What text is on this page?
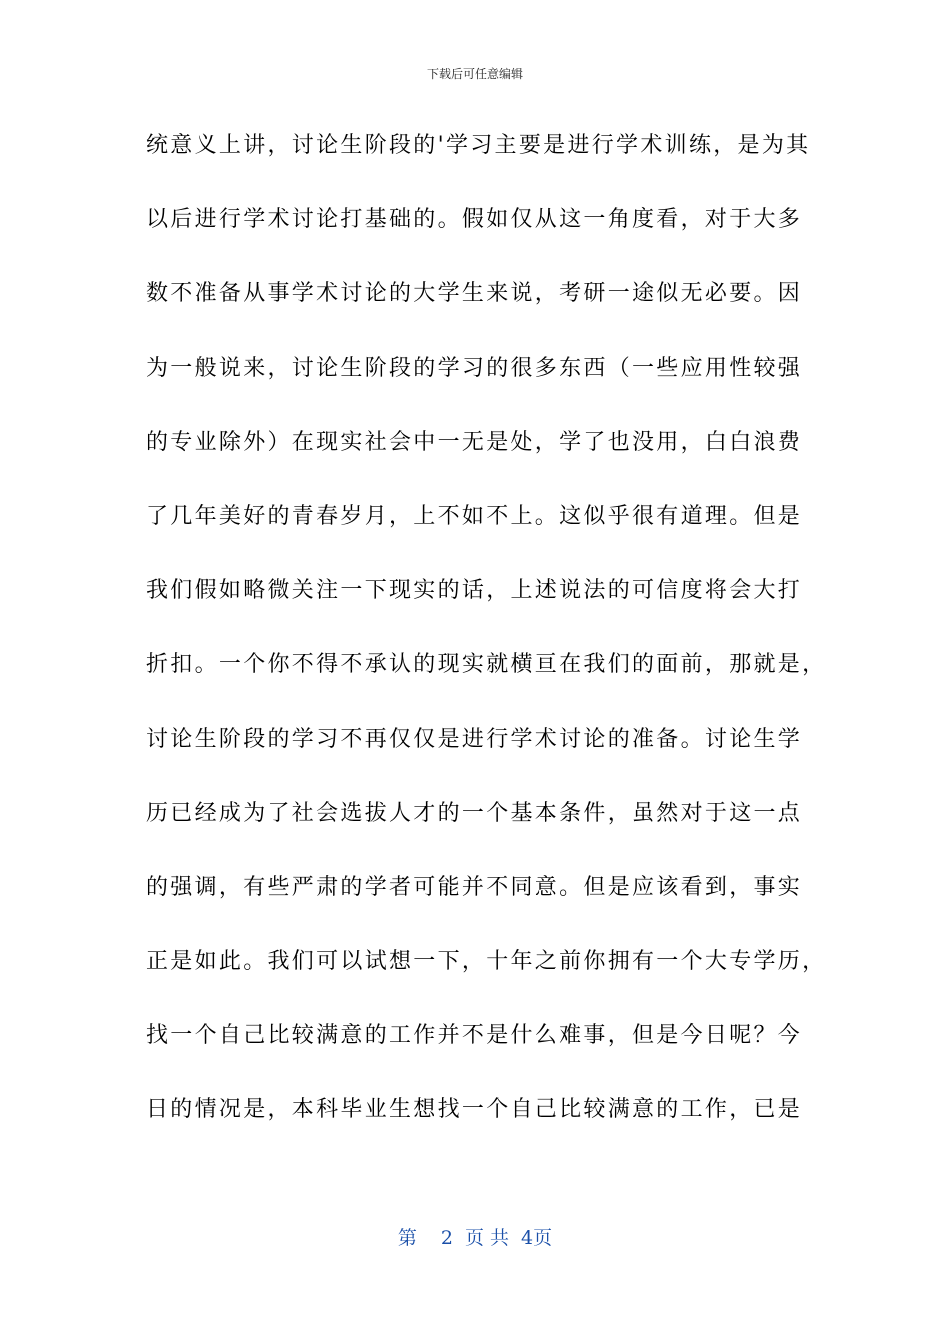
下载后可任意编辑
统意义上讲，讨论生阶段的'学习主要是进行学术训练，是为其
以后进行学术讨论打基础的。假如仅从这一角度看，对于大多
数不准备从事学术讨论的大学生来说，考研一途似无必要。因
为一般说来，讨论生阶段的学习的很多东西（一些应用性较强
的专业除外）在现实社会中一无是处，学了也没用，白白浪费
了几年美好的青春岁月，上不如不上。这似乎很有道理。但是
我们假如略微关注一下现实的话，上述说法的可信度将会大打
折扣。一个你不得不承认的现实就横亘在我们的面前，那就是，
讨论生阶段的学习不再仅仅是进行学术讨论的准备。讨论生学
历已经成为了社会选拔人才的一个基本条件，虽然对于这一点
的强调，有些严肃的学者可能并不同意。但是应该看到，事实
正是如此。我们可以试想一下，十年之前你拥有一个大专学历，
找一个自己比较满意的工作并不是什么难事，但是今日呢？今
日的情况是，本科毕业生想找一个自己比较满意的工作，已是
第 2 页 共 4页
